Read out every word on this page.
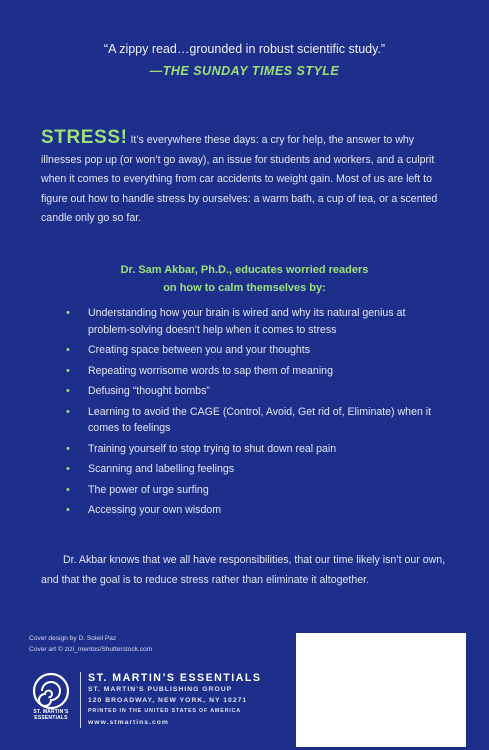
“A zippy read…grounded in robust scientific study.”
—THE SUNDAY TIMES STYLE
STRESS! It’s everywhere these days: a cry for help, the answer to why illnesses pop up (or won’t go away), an issue for students and workers, and a culprit when it comes to everything from car accidents to weight gain. Most of us are left to figure out how to handle stress by ourselves: a warm bath, a cup of tea, or a scented candle only go so far.
Dr. Sam Akbar, Ph.D., educates worried readers
on how to calm themselves by:
• Understanding how your brain is wired and why its natural genius at problem-solving doesn’t help when it comes to stress
• Creating space between you and your thoughts
• Repeating worrisome words to sap them of meaning
• Defusing “thought bombs”
• Learning to avoid the CAGE (Control, Avoid, Get rid of, Eliminate) when it comes to feelings
• Training yourself to stop trying to shut down real pain
• Scanning and labelling feelings
• The power of urge surfing
• Accessing your own wisdom
Dr. Akbar knows that we all have responsibilities, that our time likely isn’t our own, and that the goal is to reduce stress rather than eliminate it altogether.
Cover design by D. Soleil Paz
Cover art © zizi_mentos/Shutterstock.com
ST. MARTIN’S
ESSENTIALS
ST. MARTIN’S ESSENTIALS
ST. MARTIN’S PUBLISHING GROUP
120 BROADWAY, NEW YORK, NY 10271
PRINTED IN THE UNITED STATES OF AMERICA
www.stmartins.com
